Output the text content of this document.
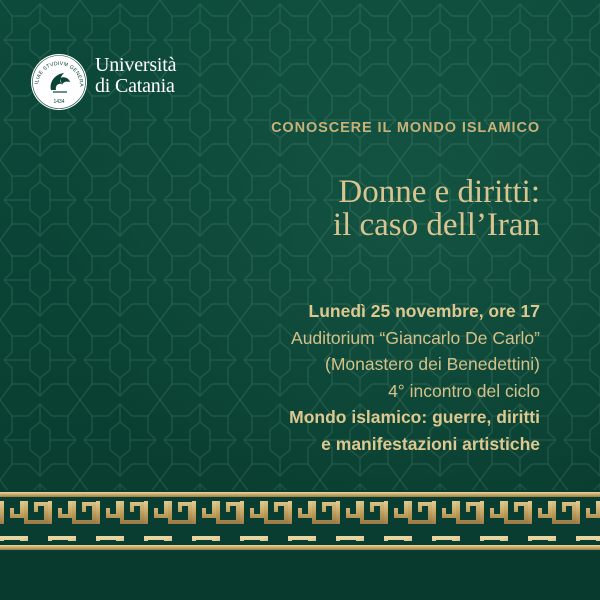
ILIAE STVDIVM GENERA
1434
Università
di Catania
CONOSCERE IL MONDO ISLAMICO
Donne e diritti:
il caso dell’Iran
Lunedì 25 novembre, ore 17
Auditorium “Giancarlo De Carlo”
(Monastero dei Benedettini)
4° incontro del ciclo
Mondo islamico: guerre, diritti
e manifestazioni artistiche
